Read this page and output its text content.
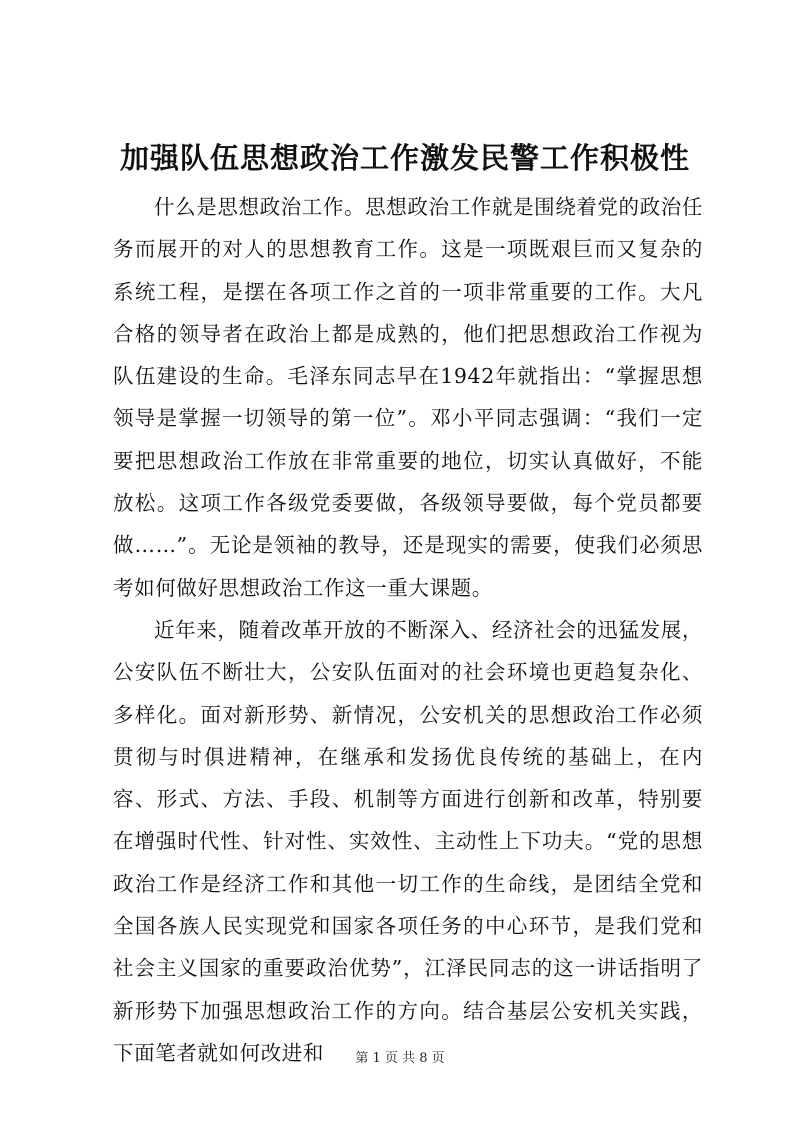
加强队伍思想政治工作激发民警工作积极性

什么是思想政治工作。思想政治工作就是围绕着党的政治任务而展开的对人的思想教育工作。这是一项既艰巨而又复杂的系统工程，是摆在各项工作之首的一项非常重要的工作。大凡合格的领导者在政治上都是成熟的，他们把思想政治工作视为队伍建设的生命。毛泽东同志早在1942年就指出：“掌握思想领导是掌握一切领导的第一位”。邓小平同志强调：“我们一定要把思想政治工作放在非常重要的地位，切实认真做好，不能放松。这项工作各级党委要做，各级领导要做，每个党员都要做……”。无论是领袖的教导，还是现实的需要，使我们必须思考如何做好思想政治工作这一重大课题。

近年来，随着改革开放的不断深入、经济社会的迅猛发展，公安队伍不断壮大，公安队伍面对的社会环境也更趋复杂化、多样化。面对新形势、新情况，公安机关的思想政治工作必须贯彻与时俱进精神，在继承和发扬优良传统的基础上，在内容、形式、方法、手段、机制等方面进行创新和改革，特别要在增强时代性、针对性、实效性、主动性上下功夫。“党的思想政治工作是经济工作和其他一切工作的生命线，是团结全党和全国各族人民实现党和国家各项任务的中心环节，是我们党和社会主义国家的重要政治优势”，江泽民同志的这一讲话指明了新形势下加强思想政治工作的方向。结合基层公安机关实践，下面笔者就如何改进和	第 1 页 共 8 页
